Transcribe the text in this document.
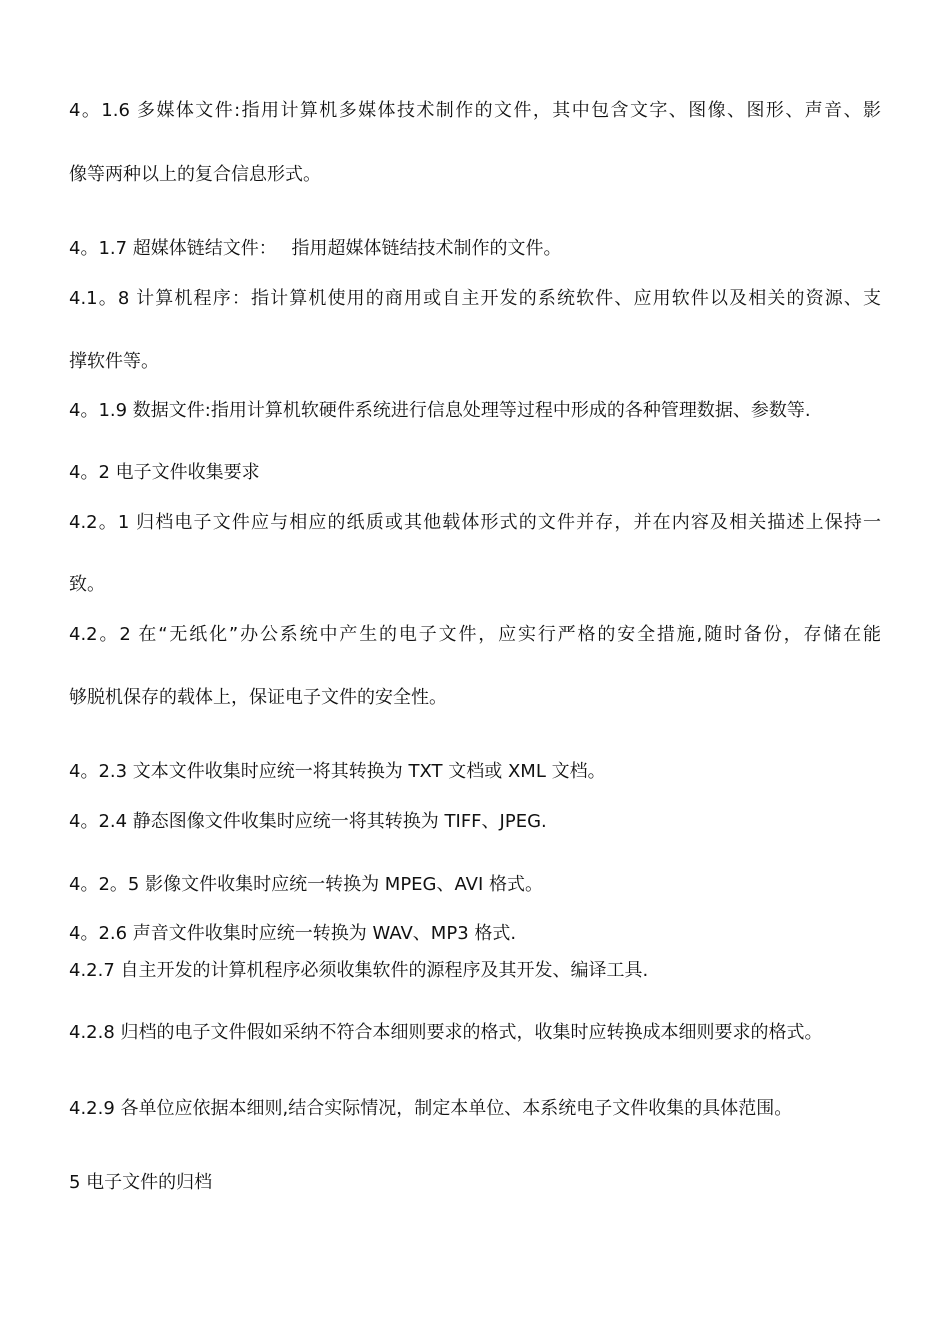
4。1.6 多媒体文件:指用计算机多媒体技术制作的文件，其中包含文字、图像、图形、声音、影
像等两种以上的复合信息形式。
4。1.7 超媒体链结文件：　 指用超媒体链结技术制作的文件。
4.1。8 计算机程序：指计算机使用的商用或自主开发的系统软件、应用软件以及相关的资源、支
撑软件等。
4。1.9 数据文件:指用计算机软硬件系统进行信息处理等过程中形成的各种管理数据、参数等.
4。2 电子文件收集要求
4.2。1 归档电子文件应与相应的纸质或其他载体形式的文件并存，并在内容及相关描述上保持一
致。
4.2。2 在“无纸化”办公系统中产生的电子文件，应实行严格的安全措施,随时备份，存储在能
够脱机保存的载体上，保证电子文件的安全性。
4。2.3 文本文件收集时应统一将其转换为 TXT 文档或 XML 文档。
4。2.4 静态图像文件收集时应统一将其转换为 TIFF、JPEG.
4。2。5 影像文件收集时应统一转换为 MPEG、AVI 格式。
4。2.6 声音文件收集时应统一转换为 WAV、MP3 格式.
4.2.7 自主开发的计算机程序必须收集软件的源程序及其开发、编译工具.
4.2.8 归档的电子文件假如采纳不符合本细则要求的格式，收集时应转换成本细则要求的格式。
4.2.9 各单位应依据本细则,结合实际情况，制定本单位、本系统电子文件收集的具体范围。
5 电子文件的归档
